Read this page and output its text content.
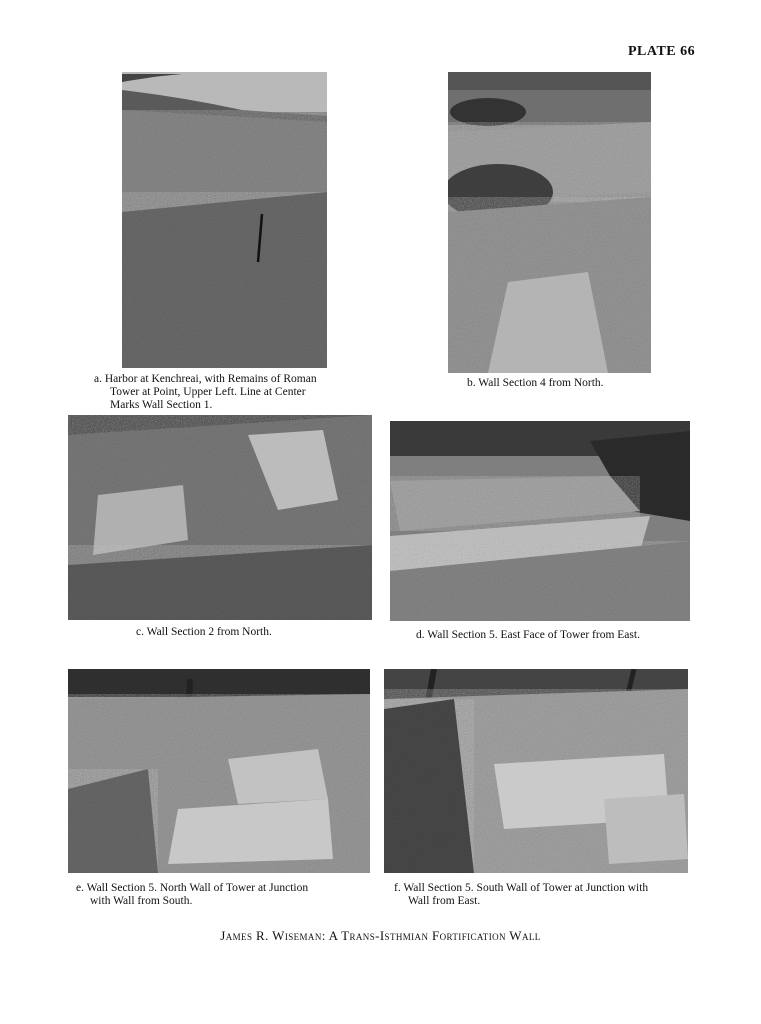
PLATE 66
a. Harbor at Kenchreai, with Remains of Roman
Tower at Point, Upper Left. Line at Center
Marks Wall Section 1.
b. Wall Section 4 from North.
c. Wall Section 2 from North.	d. Wall Section 5. East Face of Tower from East.
e. Wall Section 5. North Wall of Tower at Junction
with Wall from South.
f. Wall Section 5. South Wall of Tower at Junction with
Wall from East.
James R. Wiseman: A Trans-Isthmian Fortification Wall
